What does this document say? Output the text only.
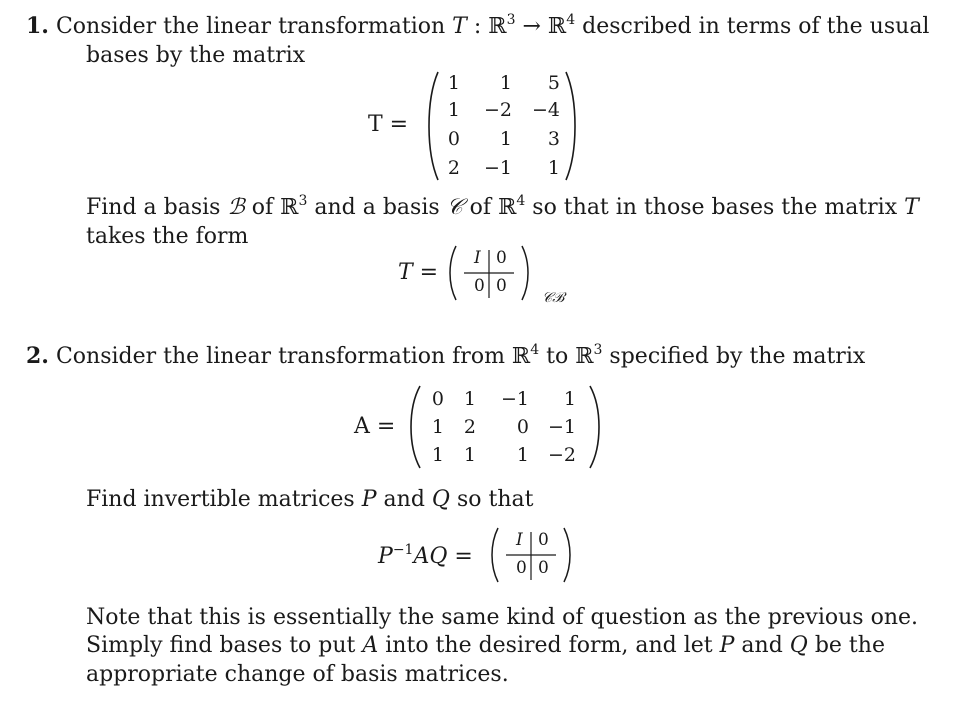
1. Consider the linear transformation T : ℝ$^3$ → ℝ$^4$ described in terms of the usual
bases by the matrix
T =
1	1	5
1	−2	−4
0	1	3
2	−1	1
Find a basis ℬ of ℝ$^3$ and a basis 𝒞 of ℝ$^4$ so that in those bases the matrix T
takes the form
T =
I 0
0 0
𝒞ℬ
2. Consider the linear transformation from ℝ$^4$ to ℝ$^3$ specified by the matrix
A =
0	1	−1	1
1	2	0 −1
1	1	1 −2
Find invertible matrices P and Q so that
$P^{-1}AQ$ =
I 0
0 0
Note that this is essentially the same kind of question as the previous one.
Simply find bases to put A into the desired form, and let P and Q be the
appropriate change of basis matrices.
